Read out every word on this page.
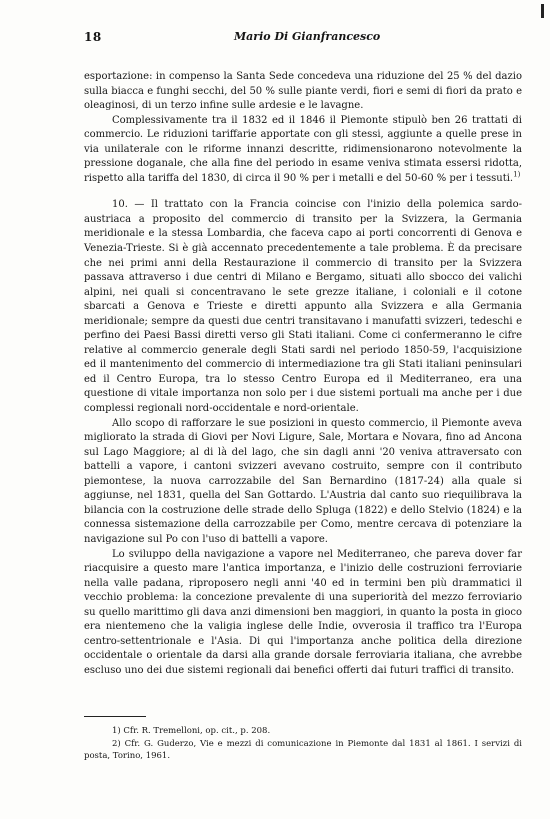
18	Mario Di Gianfrancesco

esportazione: in compenso la Santa Sede concedeva una riduzione del 25 % del dazio sulla biacca e funghi secchi, del 50 % sulle piante verdi, fiori e semi di fiori da prato e oleaginosi, di un terzo infine sulle ardesie e le lavagne.

Complessivamente tra il 1832 ed il 1846 il Piemonte stipulò ben 26 trattati di commercio. Le riduzioni tariffarie apportate con gli stessi, aggiunte a quelle prese in via unilaterale con le riforme innanzi descritte, ridimensionarono notevolmente la pressione doganale, che alla fine del periodo in esame veniva stimata essersi ridotta, rispetto alla tariffa del 1830, di circa il 90 % per i metalli e del 50-60 % per i tessuti.$^{1)}$

10. — Il trattato con la Francia coincise con l'inizio della polemica sardo-austriaca a proposito del commercio di transito per la Svizzera, la Germania meridionale e la stessa Lombardia, che faceva capo ai porti concorrenti di Genova e Venezia-Trieste. Si è già accennato precedentemente a tale problema. È da precisare che nei primi anni della Restaurazione il commercio di transito per la Svizzera passava attraverso i due centri di Milano e Bergamo, situati allo sbocco dei valichi alpini, nei quali si concentravano le sete grezze italiane, i coloniali e il cotone sbarcati a Genova e Trieste e diretti appunto alla Svizzera e alla Germania meridionale; sempre da questi due centri transitavano i manufatti svizzeri, tedeschi e perfino dei Paesi Bassi diretti verso gli Stati italiani. Come ci confermeranno le cifre relative al commercio generale degli Stati sardi nel periodo 1850-59, l'acquisizione ed il mantenimento del commercio di intermediazione tra gli Stati italiani peninsulari ed il Centro Europa, tra lo stesso Centro Europa ed il Mediterraneo, era una questione di vitale importanza non solo per i due sistemi portuali ma anche per i due complessi regionali nord-occidentale e nord-orientale.

Allo scopo di rafforzare le sue posizioni in questo commercio, il Piemonte aveva migliorato la strada di Giovi per Novi Ligure, Sale, Mortara e Novara, fino ad Ancona sul Lago Maggiore; al di là del lago, che sin dagli anni '20 veniva attraversato con battelli a vapore, i cantoni svizzeri avevano costruito, sempre con il contributo piemontese, la nuova carrozzabile del San Bernardino (1817-24) alla quale si aggiunse, nel 1831, quella del San Gottardo. L'Austria dal canto suo riequilibrava la bilancia con la costruzione delle strade dello Spluga (1822) e dello Stelvio (1824) e la connessa sistemazione della carrozzabile per Como, mentre cercava di potenziare la navigazione sul Po con l'uso di battelli a vapore.

Lo sviluppo della navigazione a vapore nel Mediterraneo, che pareva dover far riacquisire a questo mare l'antica importanza, e l'inizio delle costruzioni ferroviarie nella valle padana, riproposero negli anni '40 ed in termini ben più drammatici il vecchio problema: la concezione prevalente di una superiorità del mezzo ferroviario su quello marittimo gli dava anzi dimensioni ben maggiori, in quanto la posta in gioco era nientemeno che la valigia inglese delle Indie, ovverosia il traffico tra l'Europa centro-settentrionale e l'Asia. Di qui l'importanza anche politica della direzione occidentale o orientale da darsi alla grande dorsale ferroviaria italiana, che avrebbe escluso uno dei due sistemi regionali dai benefici offerti dai futuri traffici di transito.

1) Cfr. R. Tremelloni, op. cit., p. 208.

2) Cfr. G. Guderzo, Vie e mezzi di comunicazione in Piemonte dal 1831 al 1861. I servizi di posta, Torino, 1961.
